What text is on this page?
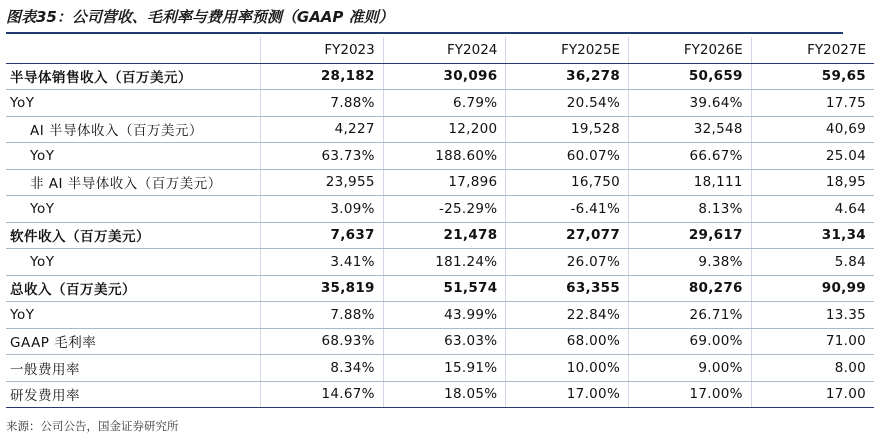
图表35：公司营收、毛利率与费用率预测（GAAP 准则）
	FY2023	FY2024	FY2025E	FY2026E	FY2027E
半导体销售收入（百万美元）	28,182	30,096	36,278	50,659	59,65
YoY	7.88%	6.79%	20.54%	39.64%	17.75
AI 半导体收入（百万美元）	4,227	12,200	19,528	32,548	40,69
YoY	63.73%	188.60%	60.07%	66.67%	25.04
非 AI 半导体收入（百万美元）	23,955	17,896	16,750	18,111	18,95
YoY	3.09%	-25.29%	-6.41%	8.13%	4.64
软件收入（百万美元）	7,637	21,478	27,077	29,617	31,34
YoY	3.41%	181.24%	26.07%	9.38%	5.84
总收入（百万美元）	35,819	51,574	63,355	80,276	90,99
YoY	7.88%	43.99%	22.84%	26.71%	13.35
GAAP 毛利率	68.93%	63.03%	68.00%	69.00%	71.00
一般费用率	8.34%	15.91%	10.00%	9.00%	8.00
研发费用率	14.67%	18.05%	17.00%	17.00%	17.00
来源：公司公告，国金证券研究所
